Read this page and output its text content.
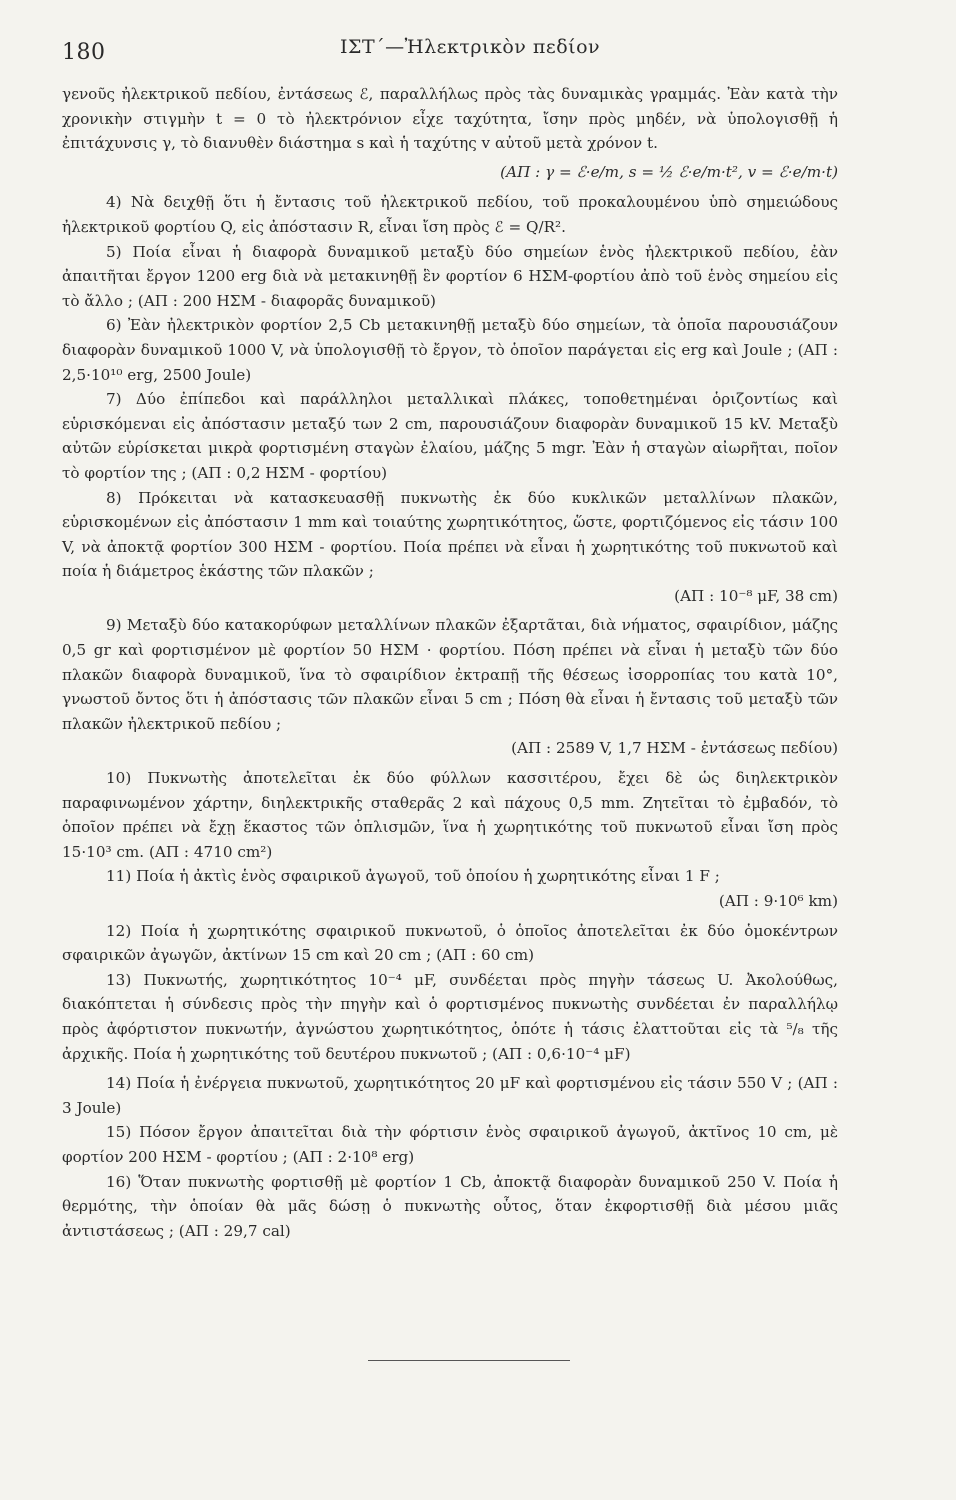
180	ΙΣΤ΄—Ἠλεκτρικὸν πεδίον

γενοῦς ἠλεκτρικοῦ πεδίου, ἐντάσεως ℰ, παραλλήλως πρὸς τὰς δυναμικὰς γραμμάς. Ἐὰν κατὰ τὴν χρονικὴν στιγμὴν t = 0 τὸ ἠλεκτρόνιον εἶχε ταχύτητα, ἴσην πρὸς μηδέν, νὰ ὑπολογισθῇ ἡ ἐπιτάχυνσις γ, τὸ διανυθὲν διάστημα s καὶ ἡ ταχύτης v αὐτοῦ μετὰ χρόνον t.

(ΑΠ : γ = ℰ·e/m, s = ½ ℰ·e/m·t², v = ℰ·e/m·t)

4) Νὰ δειχθῇ ὅτι ἡ ἔντασις τοῦ ἠλεκτρικοῦ πεδίου, τοῦ προκαλουμένου ὑπὸ σημειώδους ἠλεκτρικοῦ φορτίου Q, εἰς ἀπόστασιν R, εἶναι ἴση πρὸς ℰ = Q/R².

5) Ποία εἶναι ἡ διαφορὰ δυναμικοῦ μεταξὺ δύο σημείων ἑνὸς ἠλεκτρικοῦ πεδίου, ἐὰν ἀπαιτῆται ἔργον 1200 erg διὰ νὰ μετακινηθῇ ἓν φορτίον 6 ΗΣΜ-φορτίου ἀπὸ τοῦ ἑνὸς σημείου εἰς τὸ ἄλλο ; (ΑΠ : 200 ΗΣΜ - διαφορᾶς δυναμικοῦ)

6) Ἐὰν ἠλεκτρικὸν φορτίον 2,5 Cb μετακινηθῇ μεταξὺ δύο σημείων, τὰ ὁποῖα παρουσιάζουν διαφορὰν δυναμικοῦ 1000 V, νὰ ὑπολογισθῇ τὸ ἔργον, τὸ ὁποῖον παράγεται εἰς erg καὶ Joule ; (ΑΠ : 2,5·10¹⁰ erg, 2500 Joule)

7) Δύο ἐπίπεδοι καὶ παράλληλοι μεταλλικαὶ πλάκες, τοποθετημέναι ὁριζοντίως καὶ εὑρισκόμεναι εἰς ἀπόστασιν μεταξύ των 2 cm, παρουσιάζουν διαφορὰν δυναμικοῦ 15 kV. Μεταξὺ αὐτῶν εὑρίσκεται μικρὰ φορτισμένη σταγὼν ἐλαίου, μάζης 5 mgr. Ἐὰν ἡ σταγὼν αἰωρῆται, ποῖον τὸ φορτίον της ; (ΑΠ : 0,2 ΗΣΜ - φορτίου)

8) Πρόκειται νὰ κατασκευασθῇ πυκνωτὴς ἐκ δύο κυκλικῶν μεταλλίνων πλακῶν, εὑρισκομένων εἰς ἀπόστασιν 1 mm καὶ τοιαύτης χωρητικότητος, ὥστε, φορτιζόμενος εἰς τάσιν 100 V, νὰ ἀποκτᾷ φορτίον 300 ΗΣΜ - φορτίου. Ποία πρέπει νὰ εἶναι ἡ χωρητικότης τοῦ πυκνωτοῦ καὶ ποία ἡ διάμετρος ἑκάστης τῶν πλακῶν ;

(ΑΠ : 10⁻⁸ μF, 38 cm)

9) Μεταξὺ δύο κατακορύφων μεταλλίνων πλακῶν ἐξαρτᾶται, διὰ νήματος, σφαιρίδιον, μάζης 0,5 gr καὶ φορτισμένον μὲ φορτίον 50 ΗΣΜ · φορτίου. Πόση πρέπει νὰ εἶναι ἡ μεταξὺ τῶν δύο πλακῶν διαφορὰ δυναμικοῦ, ἵνα τὸ σφαιρίδιον ἐκτραπῇ τῆς θέσεως ἰσορροπίας του κατὰ 10°, γνωστοῦ ὄντος ὅτι ἡ ἀπόστασις τῶν πλακῶν εἶναι 5 cm ; Πόση θὰ εἶναι ἡ ἔντασις τοῦ μεταξὺ τῶν πλακῶν ἠλεκτρικοῦ πεδίου ;

(ΑΠ : 2589 V, 1,7 ΗΣΜ - ἐντάσεως πεδίου)

10) Πυκνωτὴς ἀποτελεῖται ἐκ δύο φύλλων κασσιτέρου, ἔχει δὲ ὡς διηλεκτρικὸν παραφινωμένον χάρτην, διηλεκτρικῆς σταθερᾶς 2 καὶ πάχους 0,5 mm. Ζητεῖται τὸ ἐμβαδόν, τὸ ὁποῖον πρέπει νὰ ἔχῃ ἕκαστος τῶν ὁπλισμῶν, ἵνα ἡ χωρητικότης τοῦ πυκνωτοῦ εἶναι ἴση πρὸς 15·10³ cm. (ΑΠ : 4710 cm²)

11) Ποία ἡ ἀκτὶς ἑνὸς σφαιρικοῦ ἀγωγοῦ, τοῦ ὁποίου ἡ χωρητικότης εἶναι 1 F ;

(ΑΠ : 9·10⁶ km)

12) Ποία ἡ χωρητικότης σφαιρικοῦ πυκνωτοῦ, ὁ ὁποῖος ἀποτελεῖται ἐκ δύο ὁμοκέντρων σφαιρικῶν ἀγωγῶν, ἀκτίνων 15 cm καὶ 20 cm ; (ΑΠ : 60 cm)

13) Πυκνωτής, χωρητικότητος 10⁻⁴ μF, συνδέεται πρὸς πηγὴν τάσεως U. Ἀκολούθως, διακόπτεται ἡ σύνδεσις πρὸς τὴν πηγὴν καὶ ὁ φορτισμένος πυκνωτὴς συνδέεται ἐν παραλλήλῳ πρὸς ἀφόρτιστον πυκνωτήν, ἀγνώστου χωρητικότητος, ὁπότε ἡ τάσις ἐλαττοῦται εἰς τὰ ⁵/₈ τῆς ἀρχικῆς. Ποία ἡ χωρητικότης τοῦ δευτέρου πυκνωτοῦ ; (ΑΠ : 0,6·10⁻⁴ μF)

14) Ποία ἡ ἐνέργεια πυκνωτοῦ, χωρητικότητος 20 μF καὶ φορτισμένου εἰς τάσιν 550 V ; (ΑΠ : 3 Joule)

15) Πόσον ἔργον ἀπαιτεῖται διὰ τὴν φόρτισιν ἑνὸς σφαιρικοῦ ἀγωγοῦ, ἀκτῖνος 10 cm, μὲ φορτίον 200 ΗΣΜ - φορτίου ; (ΑΠ : 2·10⁸ erg)

16) Ὅταν πυκνωτὴς φορτισθῇ μὲ φορτίον 1 Cb, ἀποκτᾷ διαφορὰν δυναμικοῦ 250 V. Ποία ἡ θερμότης, τὴν ὁποίαν θὰ μᾶς δώσῃ ὁ πυκνωτὴς οὗτος, ὅταν ἐκφορτισθῇ διὰ μέσου μιᾶς ἀντιστάσεως ; (ΑΠ : 29,7 cal)
